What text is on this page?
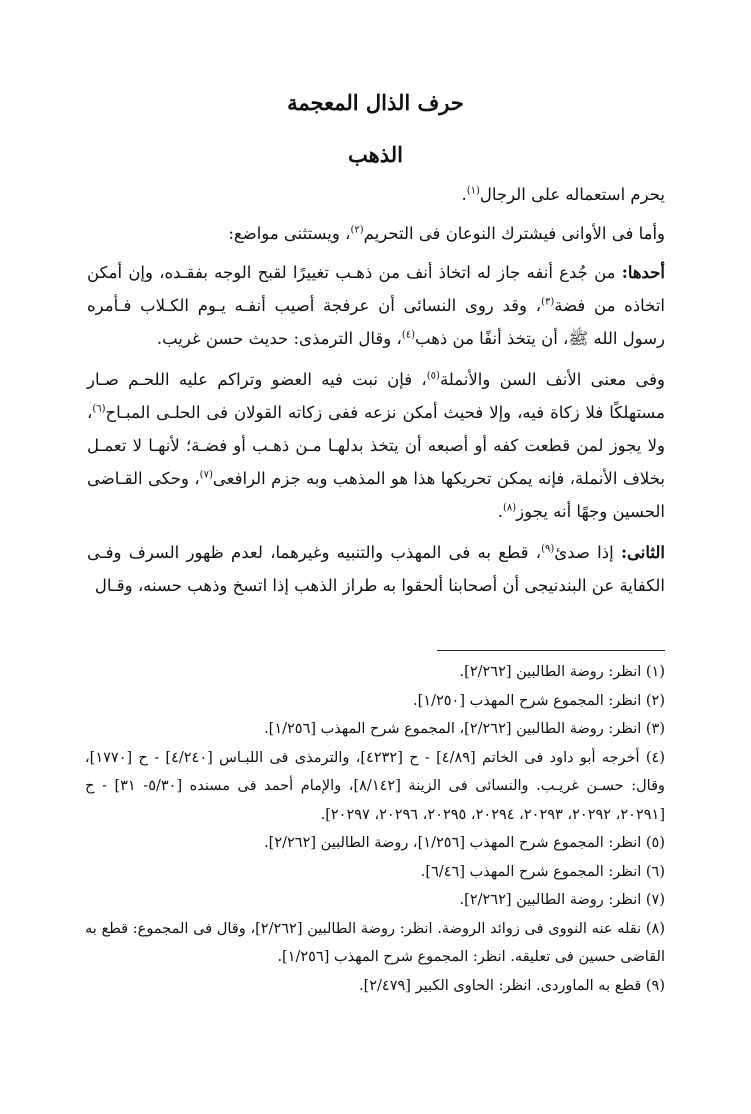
حرف الذال المعجمة
الذهب

يحرم استعماله على الرجال$^{(١)}$.

وأما فى الأوانى فيشترك النوعان فى التحريم$^{(٢)}$، ويستثنى مواضع:

أحدها: من جُدع أنفه جاز له اتخاذ أنف من ذهـب تغييرًا لقبح الوجه بفقـده، وإن أمكن اتخاذه من فضة$^{(٣)}$، وقد روى النسائى أن عرفجة أصيب أنفـه يـوم الكـلاب فـأمره رسول الله ﷺ، أن يتخذ أنفًا من ذهب$^{(٤)}$، وقال الترمذى: حديث حسن غريب.

وفى معنى الأنف السن والأنملة$^{(٥)}$، فإن نبت فيه العضو وتراكم عليه اللحـم صـار مستهلكًا فلا زكاة فيه، وإلا فحيث أمكن نزعه ففى زكاته القولان فى الحلـى المبـاح$^{(٦)}$، ولا يجوز لمن قطعت كفه أو أصبعه أن يتخذ بدلهـا مـن ذهـب أو فضـة؛ لأنهـا لا تعمـل بخلاف الأنملة، فإنه يمكن تحريكها هذا هو المذهب وبه جزم الرافعى$^{(٧)}$، وحكى القـاضى الحسين وجهًا أنه يجوز$^{(٨)}$.

الثانى: إذا صدئ$^{(٩)}$، قطع به فى المهذب والتنبيه وغيرهما، لعدم ظهور السرف وفـى الكفاية عن البندنيجى أن أصحابنا ألحقوا به طراز الذهب إذا اتسخ وذهب حسنه، وقـال

(١) انظر: روضة الطالبين [٢/٢٦٢].

(٢) انظر: المجموع شرح المهذب [١/٢٥٠].

(٣) انظر: روضة الطالبين [٢/٢٦٢]، المجموع شرح المهذب [١/٢٥٦].

(٤) أخرجه أبو داود فى الخاتم [٤/٨٩] - ح [٤٢٣٢]، والترمذى فى اللبـاس [٤/٢٤٠] - ح [١٧٧٠]، وقال: حسـن غريـب. والنسائى فى الزينة [٨/١٤٢]، والإمام أحمد فى مسنده [٥/٣٠- ٣١] - ح [٢٠٢٩١، ٢٠٢٩٢، ٢٠٢٩٣، ٢٠٢٩٤، ٢٠٢٩٥، ٢٠٢٩٦، ٢٠٢٩٧].

(٥) انظر: المجموع شرح المهذب [١/٢٥٦]، روضة الطالبين [٢/٢٦٢].

(٦) انظر: المجموع شرح المهذب [٦/٤٦].

(٧) انظر: روضة الطالبين [٢/٢٦٢].

(٨) نقله عنه النووى فى زوائد الروضة. انظر: روضة الطالبين [٢/٢٦٢]، وقال فى المجموع: قطع به القاضى حسين فى تعليقه. انظر: المجموع شرح المهذب [١/٢٥٦].

(٩) قطع به الماوردى. انظر: الحاوى الكبير [٢/٤٧٩].
